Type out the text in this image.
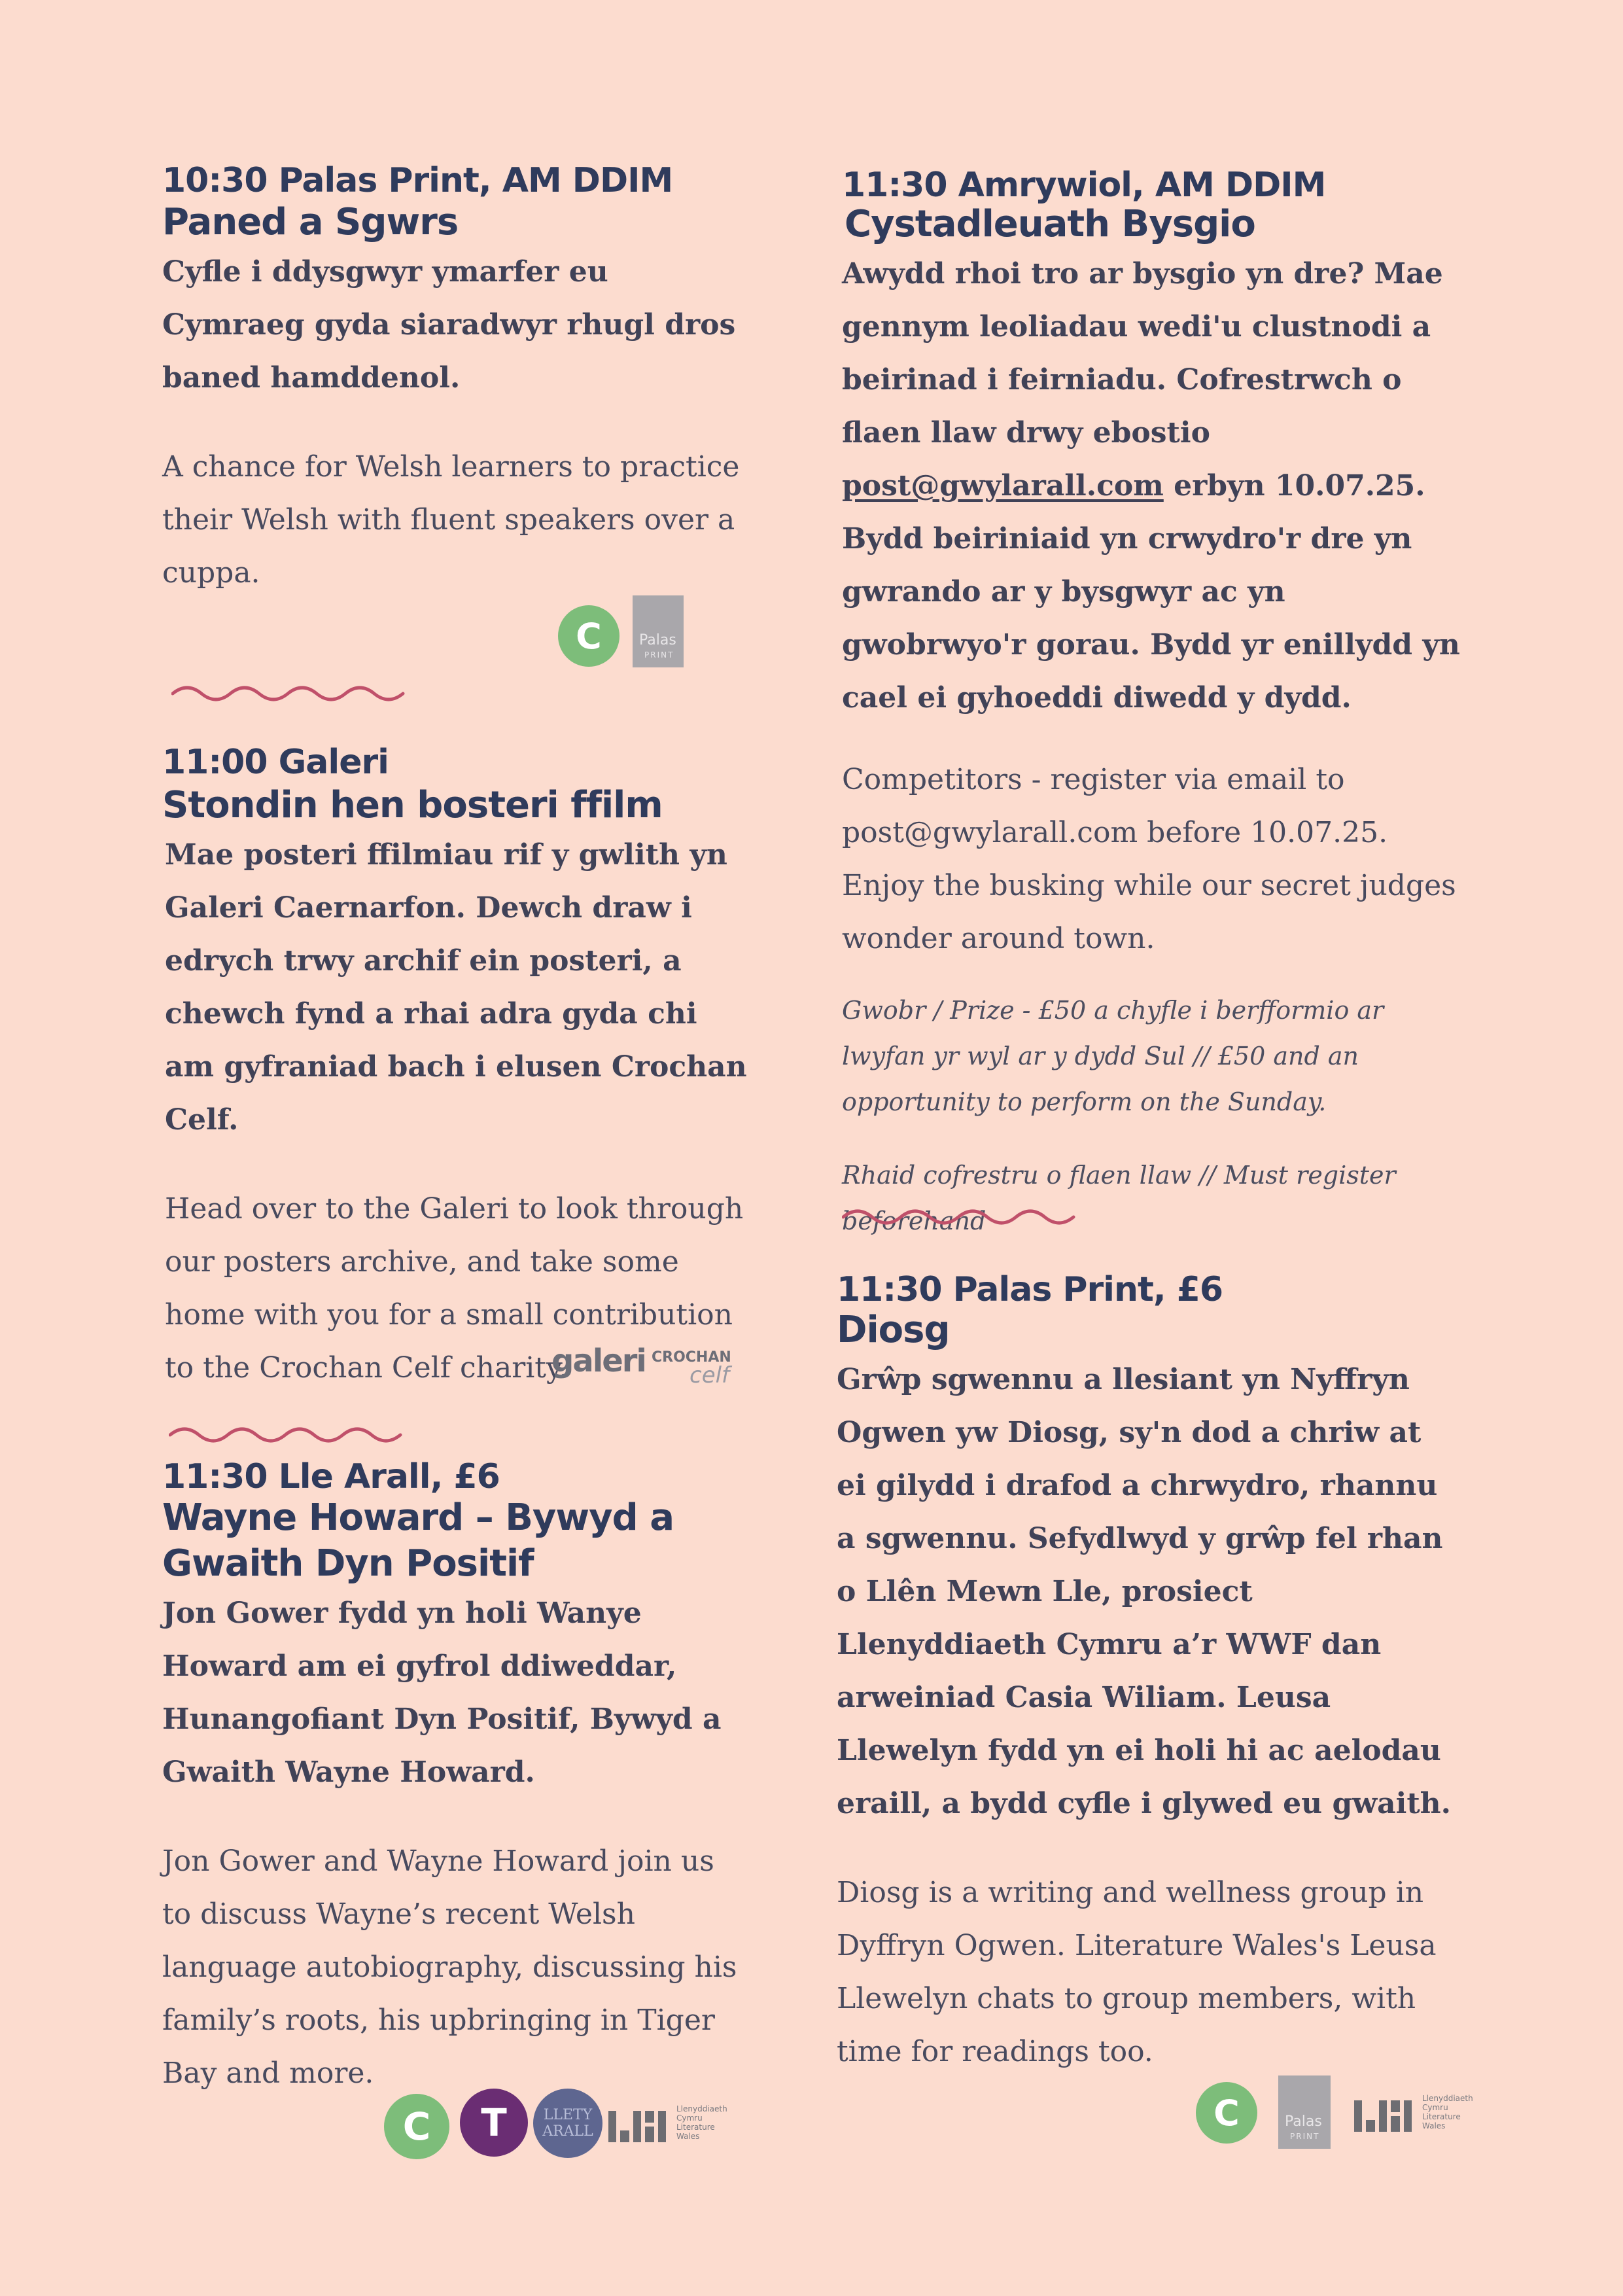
10:30 Palas Print, AM DDIM
Paned a Sgwrs

Cyfle i ddysgwyr ymarfer eu Cymraeg gyda siaradwyr rhugl dros baned hamddenol.

A chance for Welsh learners to practice their Welsh with fluent speakers over a cuppa.

C	Palas
PRINT
11:00 Galeri
Stondin hen bosteri ffilm

Mae posteri ffilmiau rif y gwlith yn Galeri Caernarfon. Dewch draw i edrych trwy archif ein posteri, a chewch fynd a rhai adra gyda chi am gyfraniad bach i elusen Crochan Celf.

Head over to the Galeri to look through our posters archive, and take some home with you for a small contribution to the Crochan Celf charity.

galeri CROCHAN
celf
11:30 Lle Arall, £6
Wayne Howard – Bywyd a
Gwaith Dyn Positif

Jon Gower fydd yn holi Wanye Howard am ei gyfrol ddiweddar, Hunangofiant Dyn Positif, Bywyd a Gwaith Wayne Howard.

Jon Gower and Wayne Howard join us to discuss Wayne’s recent Welsh language autobiography, discussing his family’s roots, his upbringing in Tiger Bay and more.

C T	LLETY
ARALL
Llenyddiaeth
Cymru
Literature
Wales
11:30 Amrywiol, AM DDIM
Cystadleuath Bysgio

Awydd rhoi tro ar bysgio yn dre? Mae gennym leoliadau wedi'u clustnodi a beirinad i feirniadu. Cofrestrwch o flaen llaw drwy ebostio post@gwylarall.com erbyn 10.07.25. Bydd beiriniaid yn crwydro'r dre yn gwrando ar y bysgwyr ac yn gwobrwyo'r gorau. Bydd yr enillydd yn cael ei gyhoeddi diwedd y dydd.

Competitors - register via email to post@gwylarall.com before 10.07.25. Enjoy the busking while our secret judges wonder around town.

Gwobr / Prize - £50 a chyfle i berfformio ar lwyfan yr wyl ar y dydd Sul // £50 and an opportunity to perform on the Sunday.

Rhaid cofrestru o flaen llaw // Must register beforehand

11:30 Palas Print, £6
Diosg

Grŵp sgwennu a llesiant yn Nyffryn Ogwen yw Diosg, sy'n dod a chriw at ei gilydd i drafod a chrwydro, rhannu a sgwennu. Sefydlwyd y grŵp fel rhan o Llên Mewn Lle, prosiect Llenyddiaeth Cymru a’r WWF dan arweiniad Casia Wiliam. Leusa Llewelyn fydd yn ei holi hi ac aelodau eraill, a bydd cyfle i glywed eu gwaith.

Diosg is a writing and wellness group in Dyffryn Ogwen. Literature Wales's Leusa Llewelyn chats to group members, with time for readings too.

C	Palas
PRINT
Llenyddiaeth
Cymru
Literature
Wales
